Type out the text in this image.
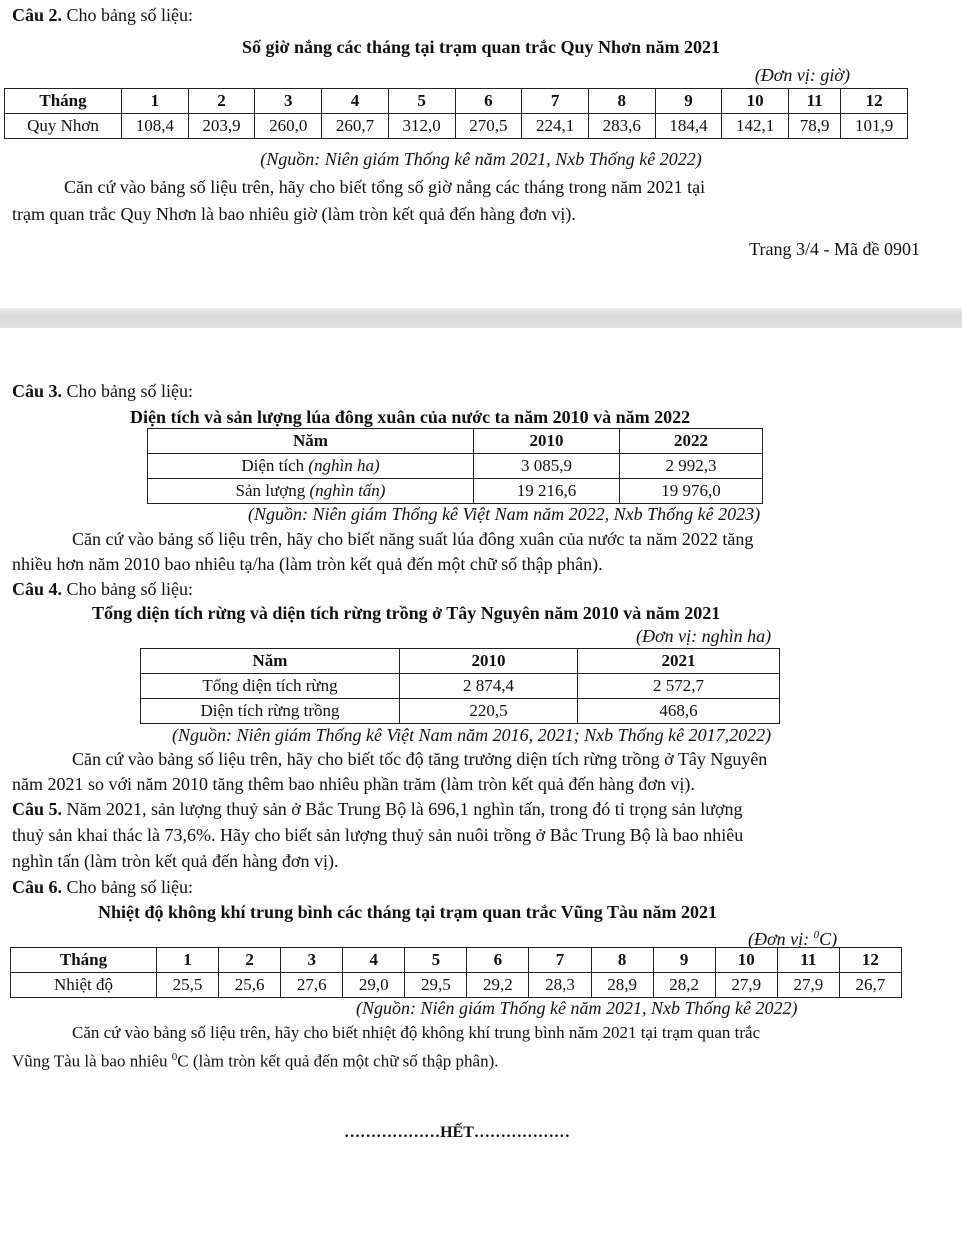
Câu 2. Cho bảng số liệu:
Số giờ nắng các tháng tại trạm quan trắc Quy Nhơn năm 2021
(Đơn vị: giờ)
Tháng	1	2	3	4	5	6	7	8	9	10	11	12
Quy Nhơn	108,4	203,9	260,0	260,7	312,0	270,5	224,1	283,6	184,4	142,1	78,9	101,9
(Nguồn: Niên giám Thống kê năm 2021, Nxb Thống kê 2022)
Căn cứ vào bảng số liệu trên, hãy cho biết tổng số giờ nắng các tháng trong năm 2021 tại
trạm quan trắc Quy Nhơn là bao nhiêu giờ (làm tròn kết quả đến hàng đơn vị).
Trang 3/4 - Mã đề 0901
Câu 3. Cho bảng số liệu:
Diện tích và sản lượng lúa đông xuân của nước ta năm 2010 và năm 2022
Năm	2010	2022
Diện tích (nghìn ha)	3 085,9	2 992,3
Sản lượng (nghìn tấn)	19 216,6	19 976,0
(Nguồn: Niên giám Thống kê Việt Nam năm 2022, Nxb Thống kê 2023)
Căn cứ vào bảng số liệu trên, hãy cho biết năng suất lúa đông xuân của nước ta năm 2022 tăng
nhiều hơn năm 2010 bao nhiêu tạ/ha (làm tròn kết quả đến một chữ số thập phân).
Câu 4. Cho bảng số liệu:
Tổng diện tích rừng và diện tích rừng trồng ở Tây Nguyên năm 2010 và năm 2021
(Đơn vị: nghìn ha)
Năm	2010	2021
Tổng diện tích rừng	2 874,4	2 572,7
Diện tích rừng trồng	220,5	468,6
(Nguồn: Niên giám Thống kê Việt Nam năm 2016, 2021; Nxb Thống kê 2017,2022)
Căn cứ vào bảng số liệu trên, hãy cho biết tốc độ tăng trưởng diện tích rừng trồng ở Tây Nguyên
năm 2021 so với năm 2010 tăng thêm bao nhiêu phần trăm (làm tròn kết quả đến hàng đơn vị).
Câu 5. Năm 2021, sản lượng thuỷ sản ở Bắc Trung Bộ là 696,1 nghìn tấn, trong đó tỉ trọng sản lượng
thuỷ sản khai thác là 73,6%. Hãy cho biết sản lượng thuỷ sản nuôi trồng ở Bắc Trung Bộ là bao nhiêu
nghìn tấn (làm tròn kết quả đến hàng đơn vị).
Câu 6. Cho bảng số liệu:
Nhiệt độ không khí trung bình các tháng tại trạm quan trắc Vũng Tàu năm 2021
(Đơn vị: $^0$C)
Tháng	1	2	3	4	5	6	7	8	9	10	11	12
Nhiệt độ	25,5	25,6	27,6	29,0	29,5	29,2	28,3	28,9	28,2	27,9	27,9	26,7
(Nguồn: Niên giám Thống kê năm 2021, Nxb Thống kê 2022)
Căn cứ vào bảng số liệu trên, hãy cho biết nhiệt độ không khí trung bình năm 2021 tại trạm quan trắc
Vũng Tàu là bao nhiêu $^0$C (làm tròn kết quả đến một chữ số thập phân).
………………HẾT………………
